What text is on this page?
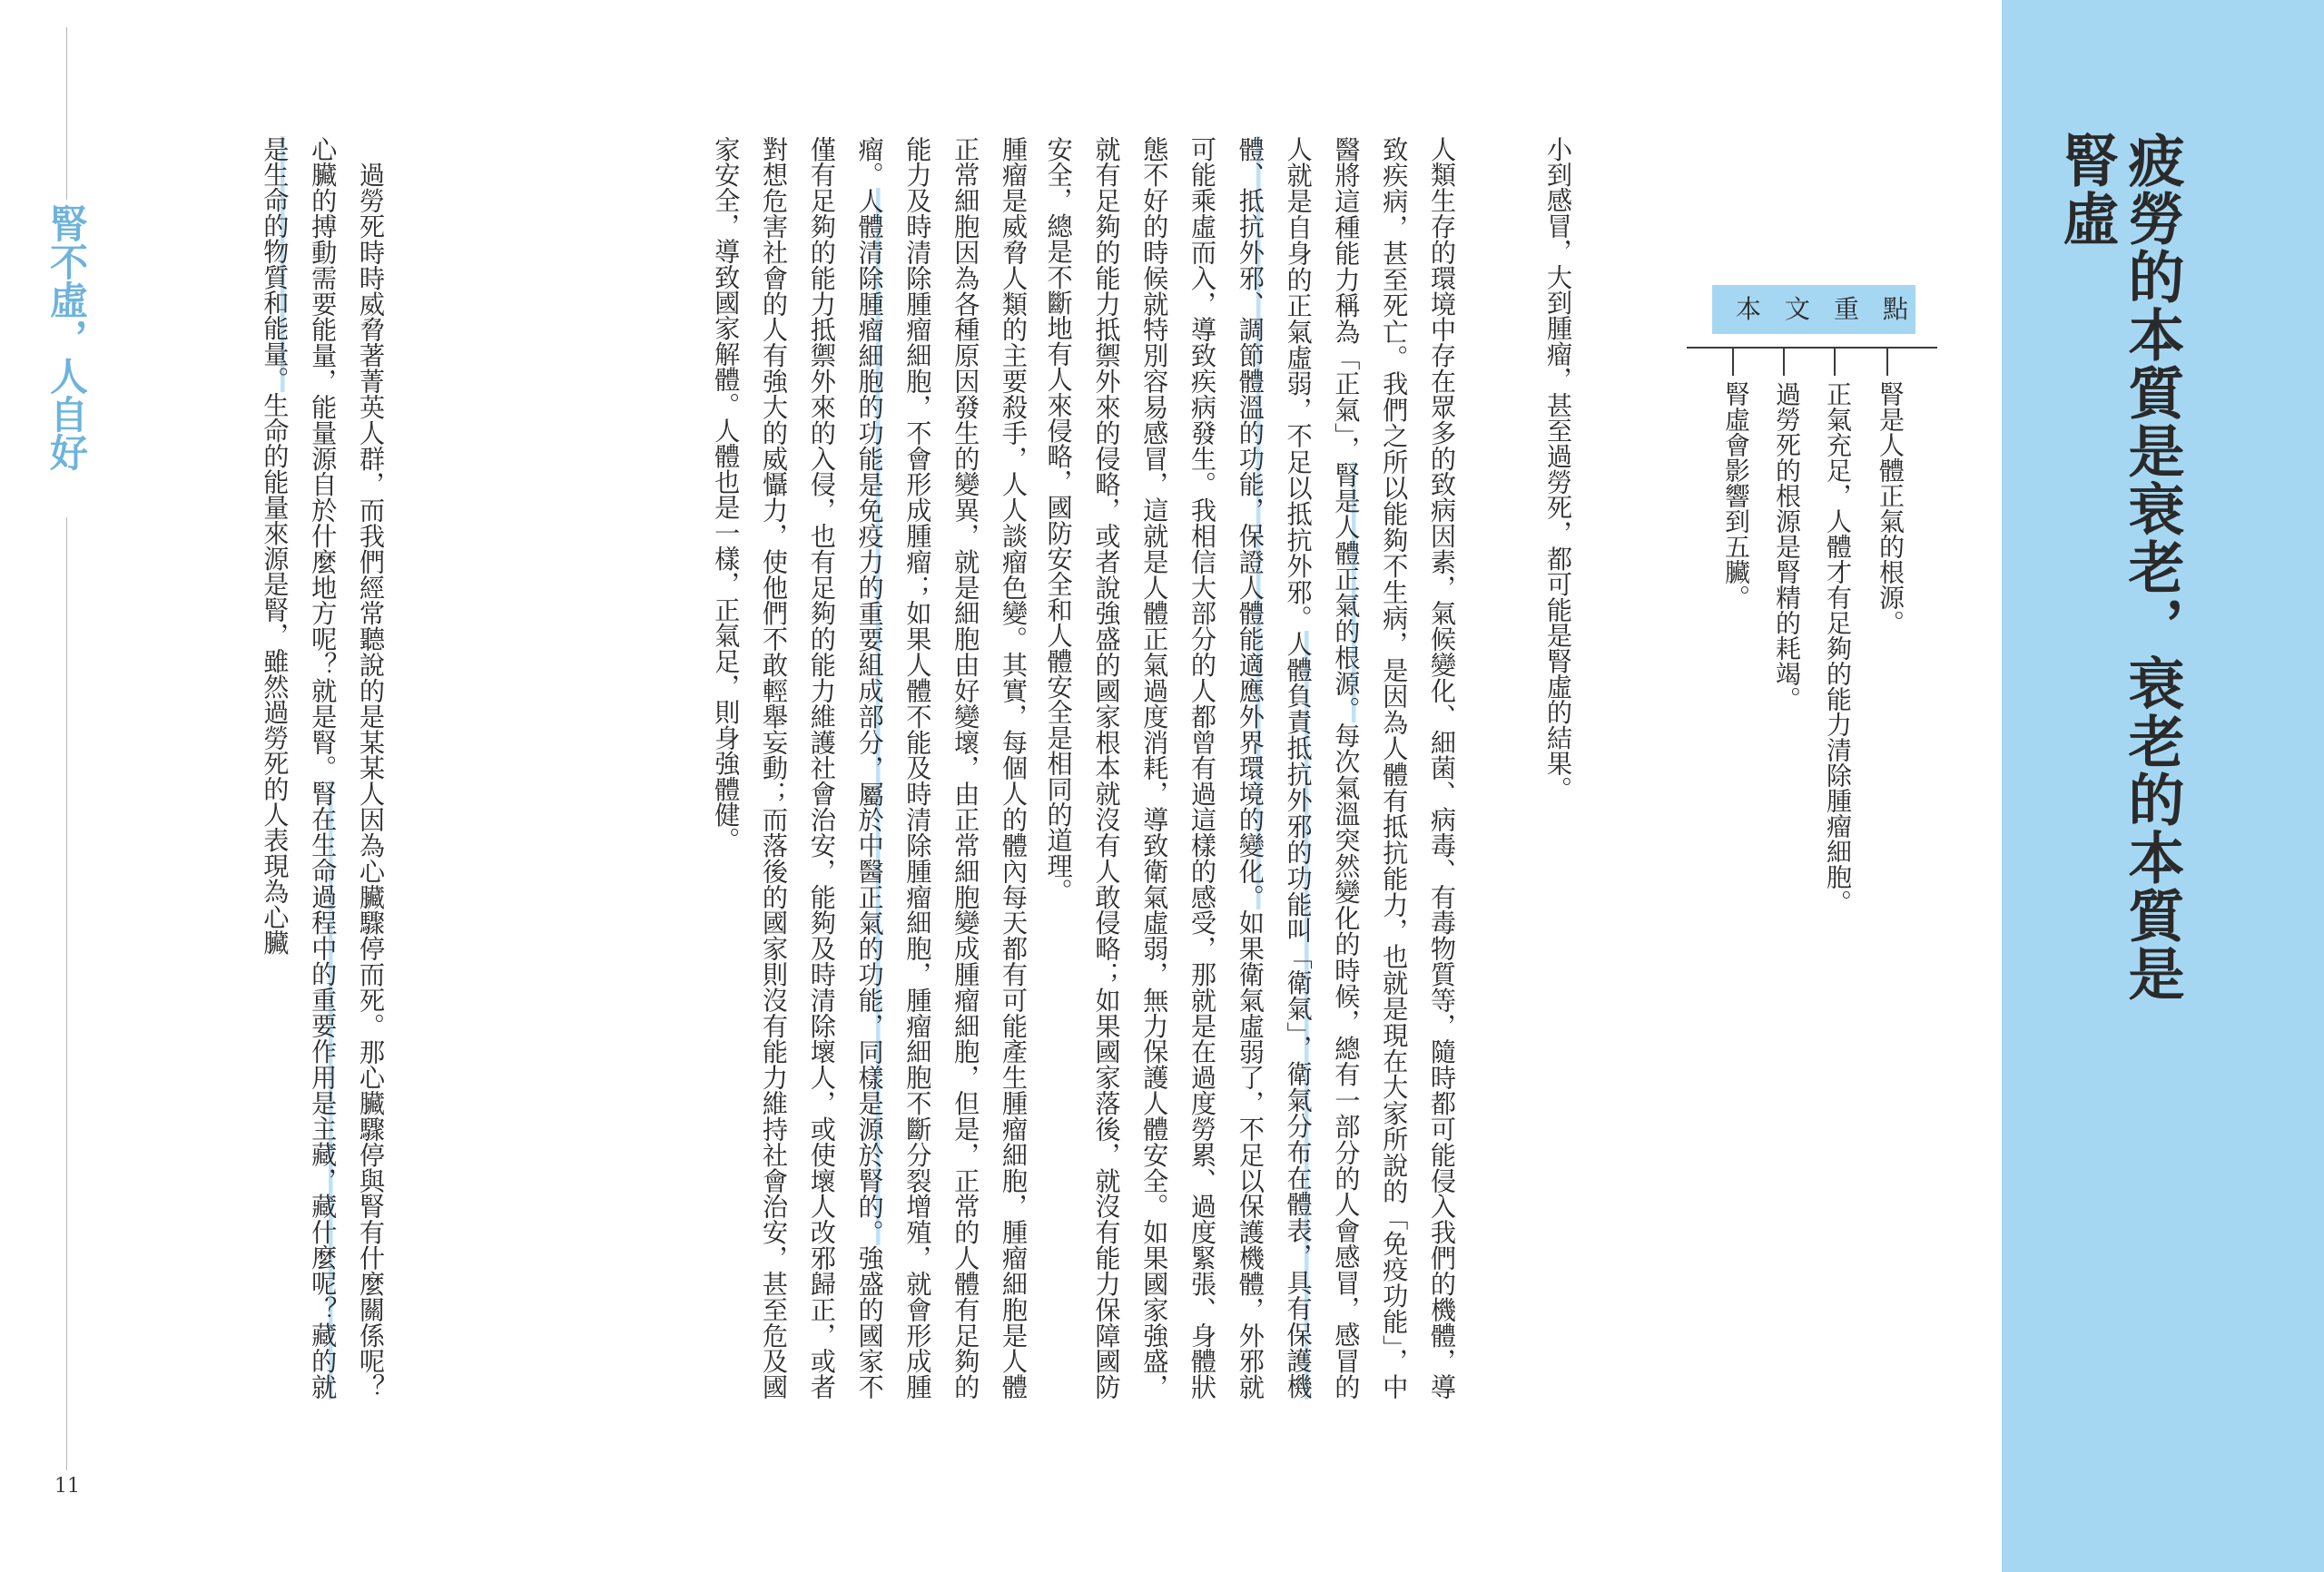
疲勞的本質是衰老，衰老的本質是腎虛
本文重點
腎是人體正氣的根源。
正氣充足，人體才有足夠的能力清除腫瘤細胞。
過勞死的根源是腎精的耗竭。
腎虛會影響到五臟。

小到感冒，大到腫瘤，甚至過勞死，都可能是腎虛的結果。

人類生存的環境中存在眾多的致病因素，氣候變化、細菌、病毒、有毒物質等，隨時都可能侵入我們的機體，導致疾病，甚至死亡。我們之所以能夠不生病，是因為人體有抵抗能力，也就是現在大家所說的「免疫功能」，中醫將這種能力稱為「正氣」，腎是人體正氣的根源。每次氣溫突然變化的時候，總有一部分的人會感冒，感冒的人就是自身的正氣虛弱，不足以抵抗外邪。人體負責抵抗外邪的功能叫「衛氣」，衛氣分布在體表，具有保護機體、抵抗外邪、調節體溫的功能，保證人體能適應外界環境的變化。如果衛氣虛弱了，不足以保護機體，外邪就可能乘虛而入，導致疾病發生。我相信大部分的人都曾有過這樣的感受，那就是在過度勞累、過度緊張、身體狀態不好的時候就特別容易感冒，這就是人體正氣過度消耗，導致衛氣虛弱，無力保護人體安全。如果國家強盛，就有足夠的能力抵禦外來的侵略，或者說強盛的國家根本就沒有人敢侵略；如果國家落後，就沒有能力保障國防安全，總是不斷地有人來侵略，國防安全和人體安全是相同的道理。

腫瘤是威脅人類的主要殺手，人人談瘤色變。其實，每個人的體內每天都有可能產生腫瘤細胞，腫瘤細胞是人體正常細胞因為各種原因發生的變異，就是細胞由好變壞，由正常細胞變成腫瘤細胞，但是，正常的人體有足夠的能力及時清除腫瘤細胞，不會形成腫瘤；如果人體不能及時清除腫瘤細胞，腫瘤細胞不斷分裂增殖，就會形成腫瘤。人體清除腫瘤細胞的功能是免疫力的重要組成部分，屬於中醫正氣的功能，同樣是源於腎的。強盛的國家不僅有足夠的能力抵禦外來的入侵，也有足夠的能力維護社會治安，能夠及時清除壞人，或使壞人改邪歸正，或者對想危害社會的人有強大的威懾力，使他們不敢輕舉妄動；而落後的國家則沒有能力維持社會治安，甚至危及國家安全，導致國家解體。人體也是一樣，正氣足，則身強體健。

　過勞死時時威脅著菁英人群，而我們經常聽說的是某某人因為心臟驟停而死。那心臟驟停與腎有什麼關係呢？心臟的搏動需要能量，能量源自於什麼地方呢？就是腎。腎在生命過程中的重要作用是主藏，藏什麼呢？藏的就是生命的物質和能量。生命的能量來源是腎，雖然過勞死的人表現為心臟

腎不虛，人自好
11
